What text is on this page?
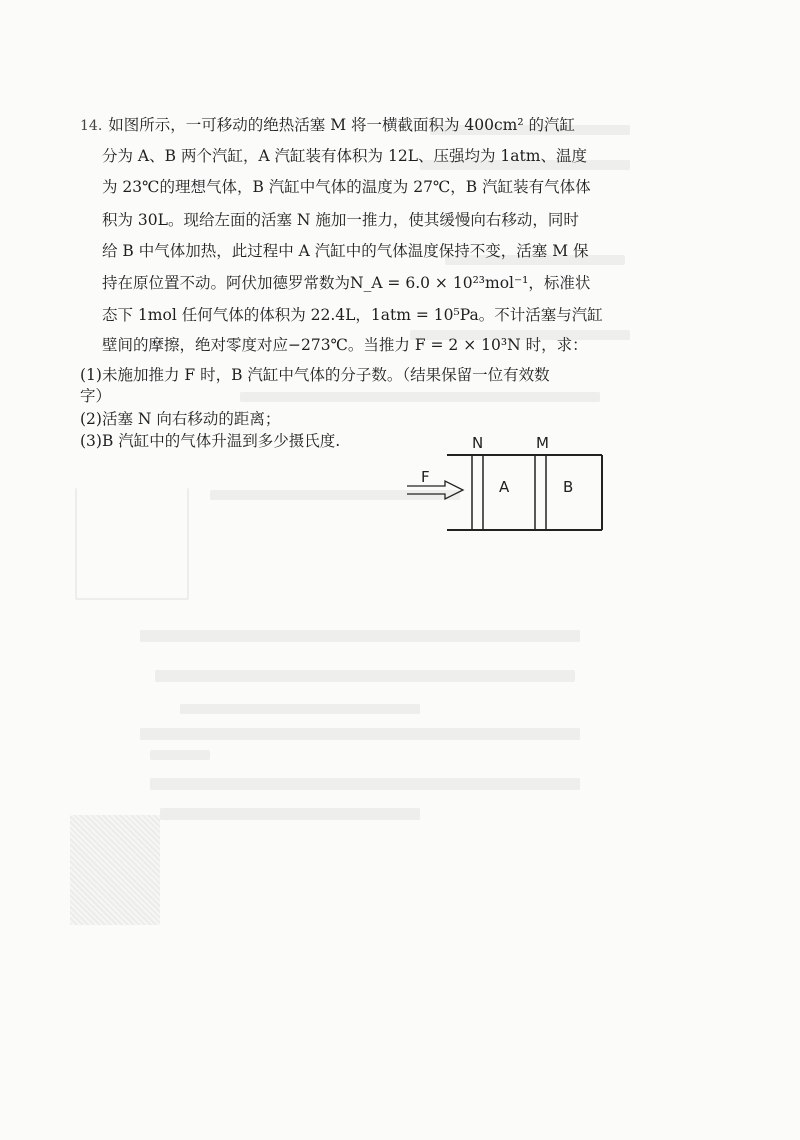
14. 如图所示，一可移动的绝热活塞 M 将一横截面积为 400cm² 的汽缸
分为 A、B 两个汽缸，A 汽缸装有体积为 12L、压强均为 1atm、温度
为 23℃的理想气体，B 汽缸中气体的温度为 27℃，B 汽缸装有气体体
积为 30L。现给左面的活塞 N 施加一推力，使其缓慢向右移动，同时
给 B 中气体加热，此过程中 A 汽缸中的气体温度保持不变，活塞 M 保
持在原位置不动。阿伏加德罗常数为N_A = 6.0 × 10²³mol⁻¹，标准状
态下 1mol 任何气体的体积为 22.4L，1atm = 10⁵Pa。不计活塞与汽缸
壁间的摩擦，绝对零度对应−273℃。当推力 F = 2 × 10³N 时，求：
(1)未施加推力 F 时，B 汽缸中气体的分子数。（结果保留一位有效数
字）
(2)活塞 N 向右移动的距离；
(3)B 汽缸中的气体升温到多少摄氏度.	N	M
F
A	B
